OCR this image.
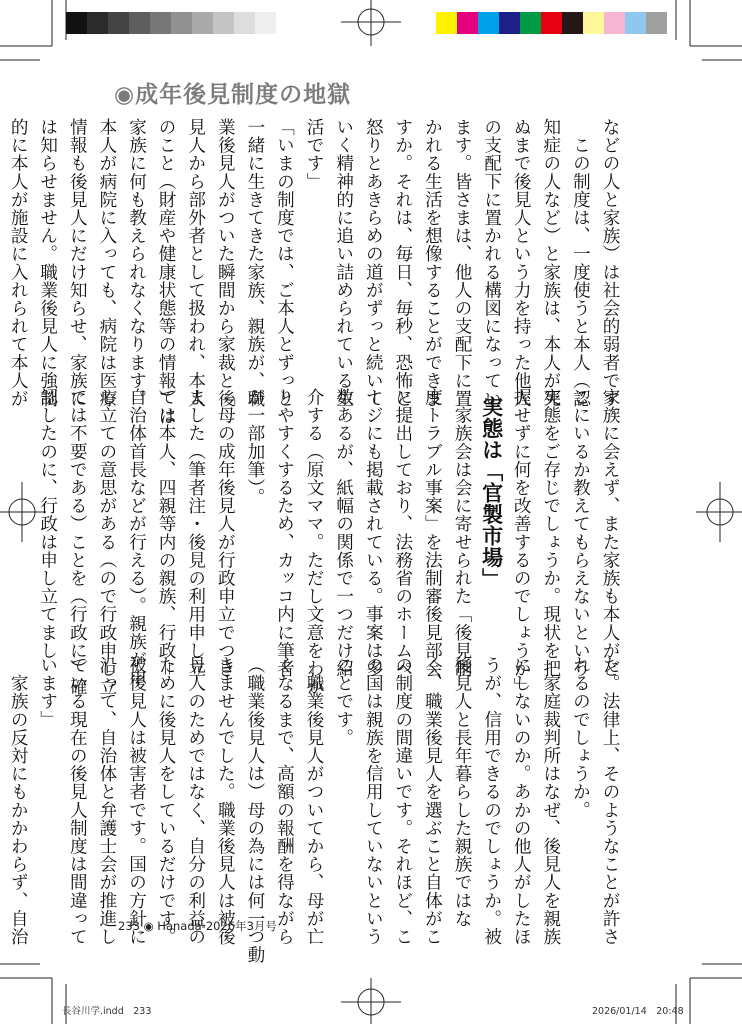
◉成年後見制度の地獄
などの人と家族）は社会的弱者です。
　この制度は、一度使うと本人（認
知症の人など）と家族は、本人が死
ぬまで後見人という力を持った他人
の支配下に置かれる構図になってい
ます。皆さまは、他人の支配下に置
かれる生活を想像することができま
すか。それは、毎日、毎秒、恐怖と
怒りとあきらめの道がずっと続いて
いく精神的に追い詰められている生
活です」
「いまの制度では、ご本人とずっと
一緒に生きてきた家族、親族が、職
業後見人がついた瞬間から家裁と後
見人から部外者として扱われ、本人
のこと（財産や健康状態等の情報）は
家族に何も教えられなくなります。
本人が病院に入っても、病院は医療
情報も後見人にだけ知らせ、家族に
は知らせません。職業後見人に強制
的に本人が施設に入れられて本人が
家族に会えず、また家族も本人がど
こにいるか教えてもらえないという
実態をご存じでしょうか。現状を把
握せずに何を改善するのでしょうか」
実態は「官製市場」
　家族会は会に寄せられた「後見制
度トラブル事案」を法制審後見部会
に提出しており、法務省のホームペ
ージにも掲載されている。事案は多
数あるが、紙幅の関係で一つだけ紹
介する（原文ママ。ただし文意をわか
りやすくするため、カッコ内に筆者
が一部加筆）。
「母の成年後見人が行政申立でつき
ました（筆者注・後見の利用申し立
ては本人、四親等内の親族、行政＝
自治体首長などが行える）。親族が申
し立ての意思がある（ので行政申し立
ては不要である）ことを（行政に）確
認したのに、行政は申し立てまし
た。法律上、そのようなことが許さ
れるのでしょうか。
　家庭裁判所はなぜ、後見人を親族
にしないのか。あかの他人がしたほ
うが、信用できるのでしょうか。被
後見人と長年暮らした親族ではな
く、職業後見人を選ぶこと自体がこ
の制度の間違いです。それほど、こ
の国は親族を信用していないという
ことです。
　職業後見人がついてから、母が亡
くなるまで、高額の報酬を得ながら
（職業後見人は）母の為には何一つ動
きませんでした。職業後見人は被後
見人のためではなく、自分の利益の
ために後見人をしているだけです。
被後見人は被害者です。国の方針に
沿って、自治体と弁護士会が推進し
ている現在の後見人制度は間違って
います」
　家族の反対にもかかわらず、自治	233 ◉ Hanada-2026年3月号
長谷川学.indd　233	2026/01/14　20:48
